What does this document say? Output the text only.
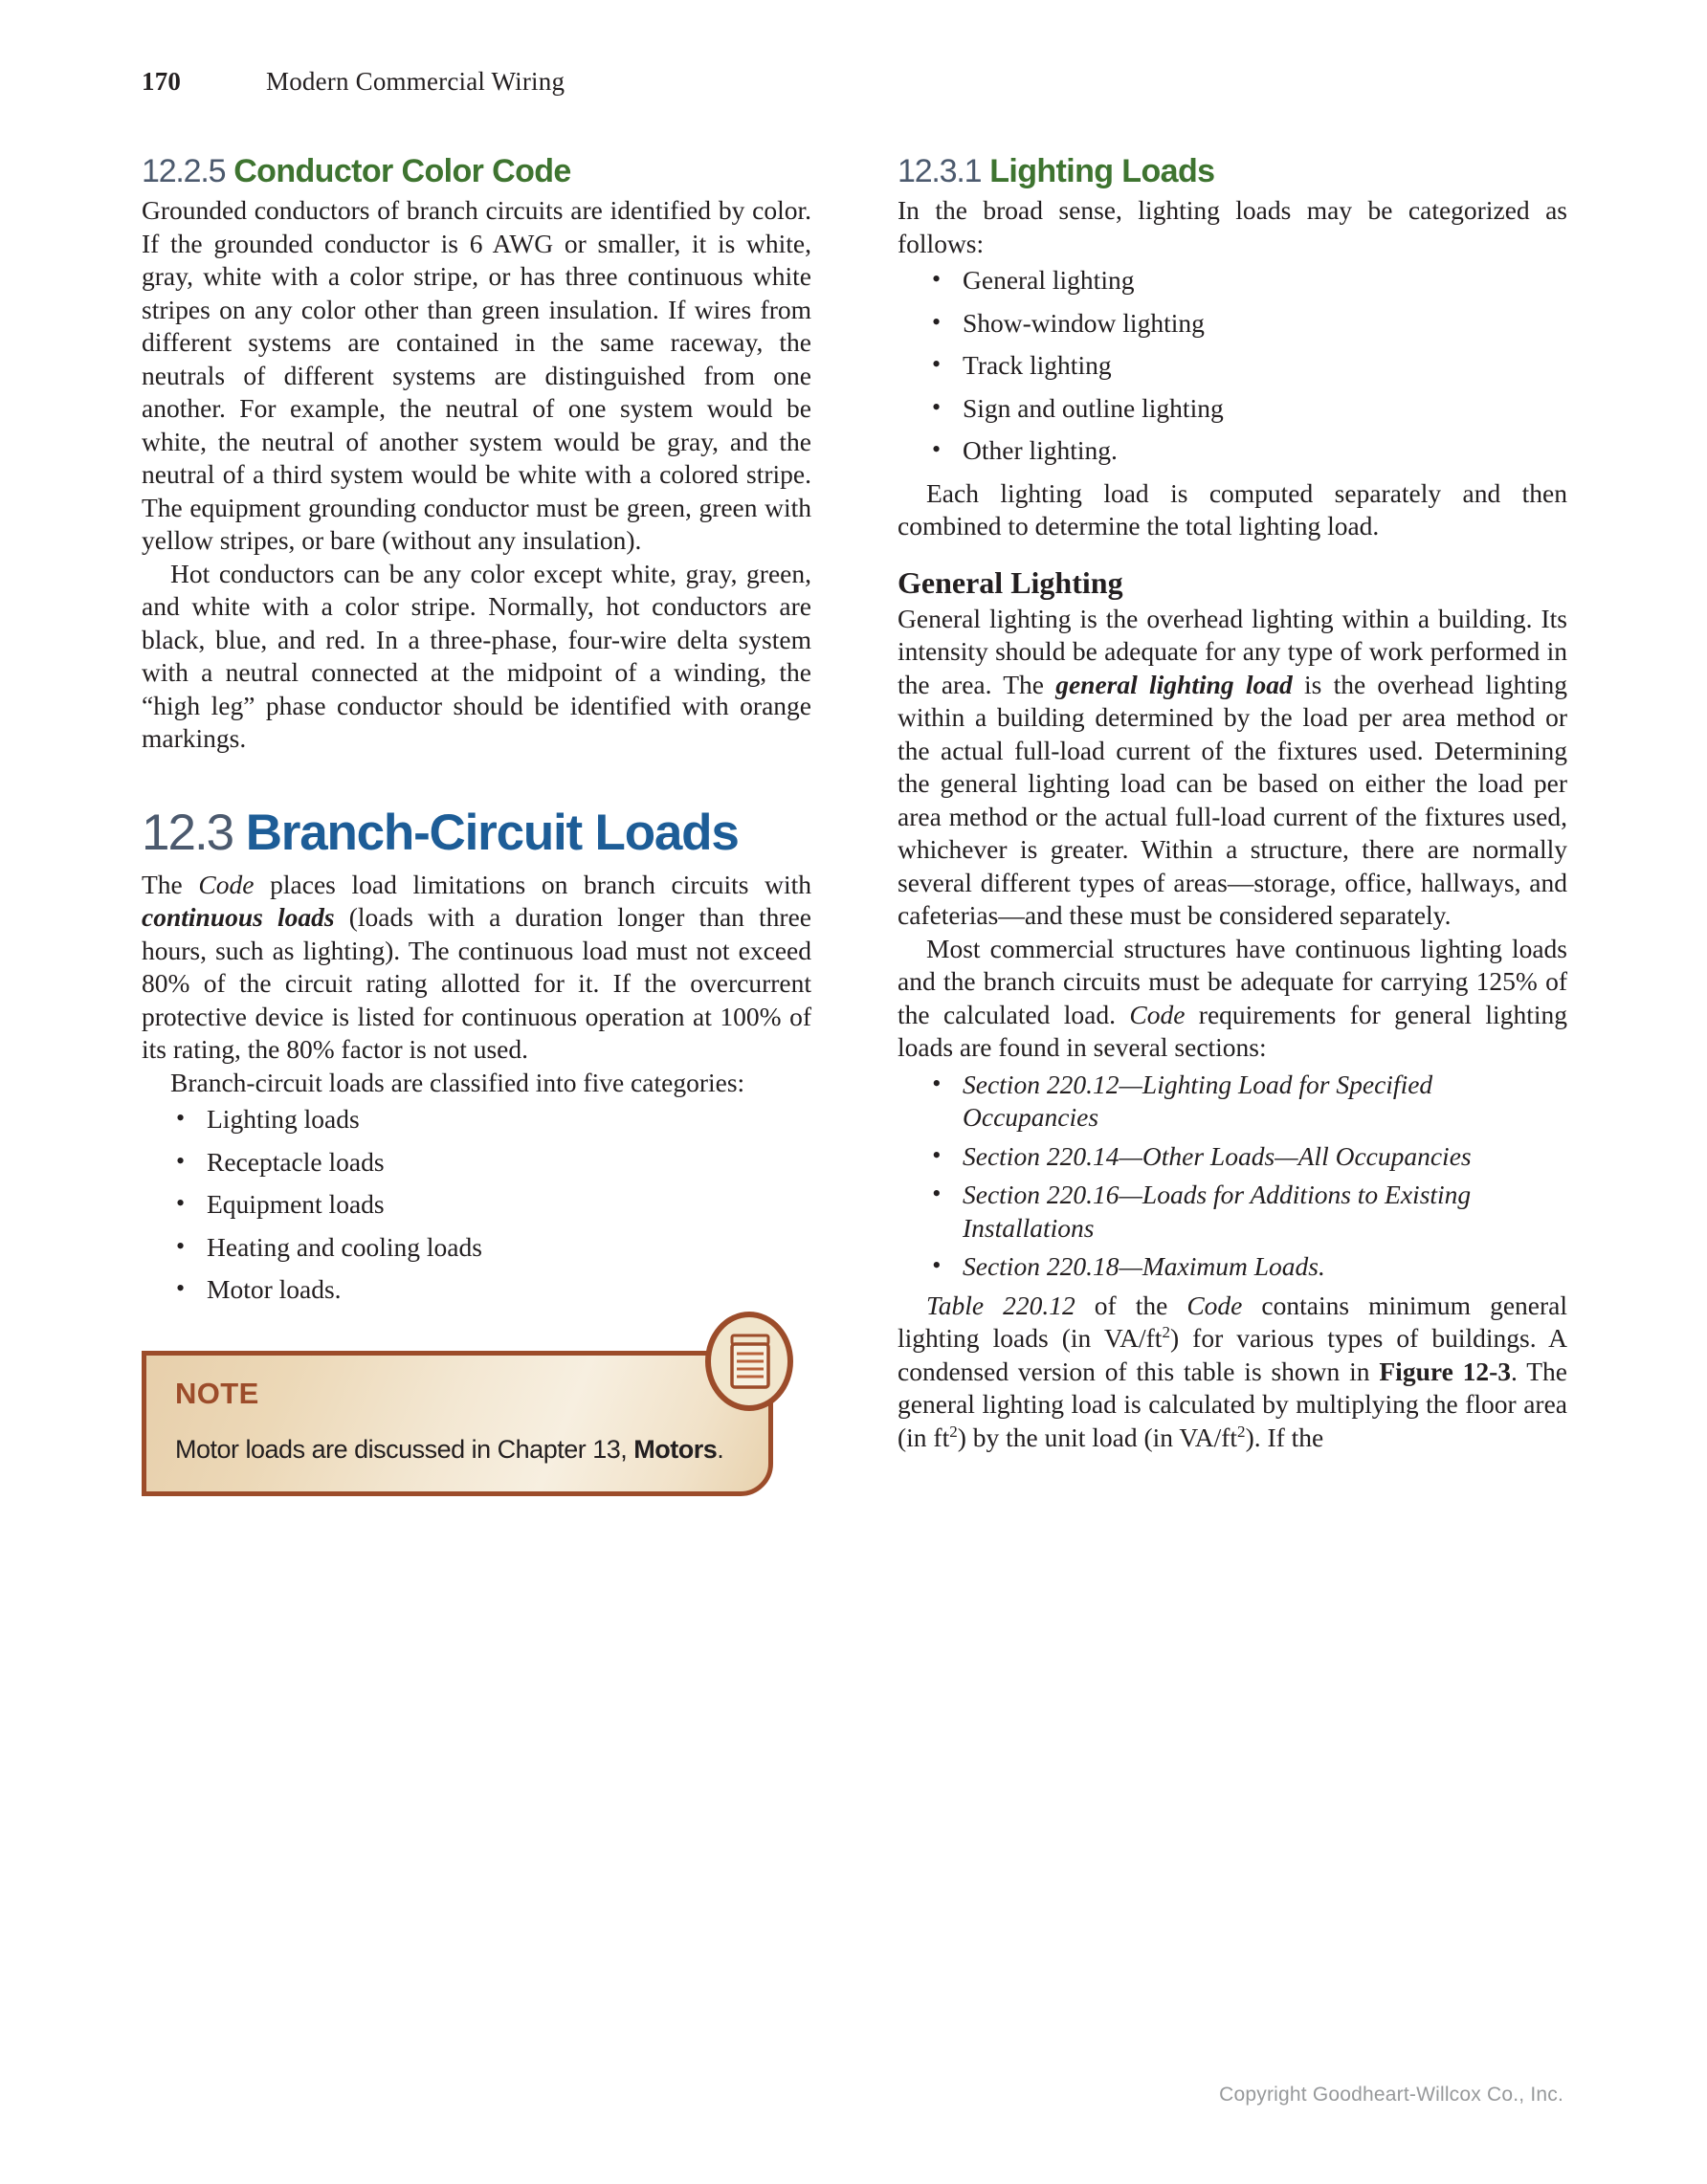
170	Modern Commercial Wiring
12.2.5 Conductor Color Code

Grounded conductors of branch circuits are identified by color. If the grounded conductor is 6 AWG or smaller, it is white, gray, white with a color stripe, or has three continuous white stripes on any color other than green insulation. If wires from different systems are contained in the same raceway, the neutrals of different systems are distinguished from one another. For example, the neutral of one system would be white, the neutral of another system would be gray, and the neutral of a third system would be white with a colored stripe. The equipment grounding conductor must be green, green with yellow stripes, or bare (without any insulation).

Hot conductors can be any color except white, gray, green, and white with a color stripe. Normally, hot conductors are black, blue, and red. In a three-phase, four-wire delta system with a neutral connected at the midpoint of a winding, the “high leg” phase conductor should be identified with orange markings.

12.3 Branch-Circuit Loads

The Code places load limitations on branch circuits with continuous loads (loads with a duration longer than three hours, such as lighting). The continuous load must not exceed 80% of the circuit rating allotted for it. If the overcurrent protective device is listed for continuous operation at 100% of its rating, the 80% factor is not used.

Branch-circuit loads are classified into five categories:

• Lighting loads
• Receptacle loads
• Equipment loads
• Heating and cooling loads
• Motor loads.
NOTE
Motor loads are discussed in Chapter 13, Motors.
12.3.1 Lighting Loads

In the broad sense, lighting loads may be categorized as follows:

• General lighting
• Show-window lighting
• Track lighting
• Sign and outline lighting
• Other lighting.

Each lighting load is computed separately and then combined to determine the total lighting load.

General Lighting

General lighting is the overhead lighting within a building. Its intensity should be adequate for any type of work performed in the area. The general lighting load is the overhead lighting within a building determined by the load per area method or the actual full-load current of the fixtures used. Determining the general lighting load can be based on either the load per area method or the actual full-load current of the fixtures used, whichever is greater. Within a structure, there are normally several different types of areas—storage, office, hallways, and cafeterias—and these must be considered separately.

Most commercial structures have continuous lighting loads and the branch circuits must be adequate for carrying 125% of the calculated load. Code requirements for general lighting loads are found in several sections:

• Section 220.12—Lighting Load for Specified Occupancies
• Section 220.14—Other Loads—All Occupancies
• Section 220.16—Loads for Additions to Existing Installations
• Section 220.18—Maximum Loads.

Table 220.12 of the Code contains minimum general lighting loads (in $VA/ft^2$) for various types of buildings. A condensed version of this table is shown in Figure 12-3. The general lighting load is calculated by multiplying the floor area (in $ft^2$) by the unit load (in $VA/ft^2$). If the

Copyright Goodheart-Willcox Co., Inc.
